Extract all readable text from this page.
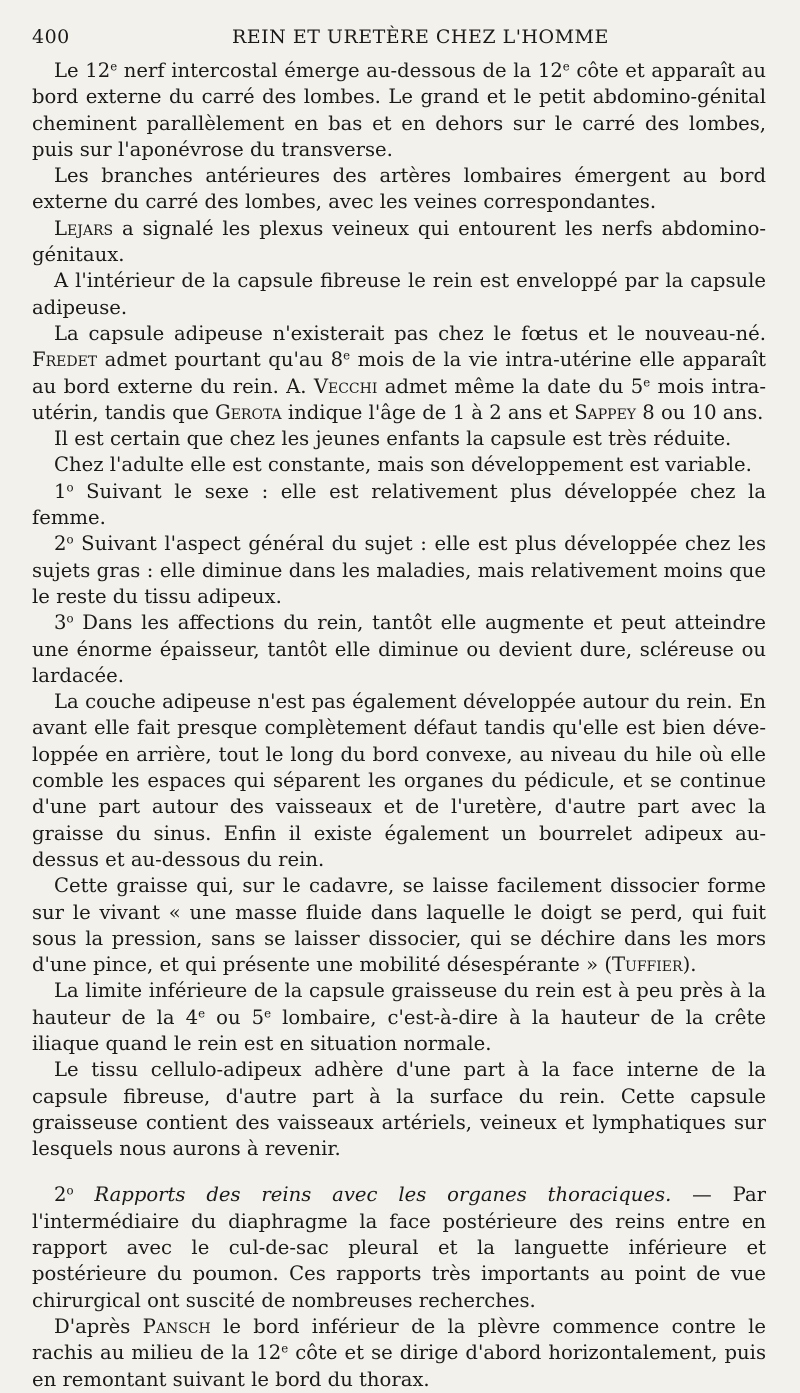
400	REIN ET URETÈRE CHEZ L'HOMME

Le 12e nerf intercostal émerge au-dessous de la 12e côte et apparaît au bord externe du carré des lombes. Le grand et le petit abdomino-génital cheminent parallèlement en bas et en dehors sur le carré des lombes, puis sur l'aponévrose du transverse.

Les branches antérieures des artères lombaires émergent au bord externe du carré des lombes, avec les veines correspondantes.

Lejars a signalé les plexus veineux qui entourent les nerfs abdomino-génitaux.

A l'intérieur de la capsule fibreuse le rein est enveloppé par la capsule adipeuse.

La capsule adipeuse n'existerait pas chez le fœtus et le nouveau-né. Fredet admet pourtant qu'au 8e mois de la vie intra-utérine elle apparaît au bord externe du rein. A. Vecchi admet même la date du 5e mois intra-utérin, tandis que Gerota indique l'âge de 1 à 2 ans et Sappey 8 ou 10 ans.

Il est certain que chez les jeunes enfants la capsule est très réduite.

Chez l'adulte elle est constante, mais son développement est variable.

1$^o$ Suivant le sexe : elle est relativement plus développée chez la femme.

2$^o$ Suivant l'aspect général du sujet : elle est plus développée chez les sujets gras : elle diminue dans les maladies, mais relativement moins que le reste du tissu adipeux.

3$^o$ Dans les affections du rein, tantôt elle augmente et peut atteindre une énorme épaisseur, tantôt elle diminue ou devient dure, scléreuse ou lardacée.

La couche adipeuse n'est pas également développée autour du rein. En avant elle fait presque complètement défaut tandis qu'elle est bien développée en arrière, tout le long du bord convexe, au niveau du hile où elle comble les espaces qui séparent les organes du pédicule, et se continue d'une part autour des vaisseaux et de l'uretère, d'autre part avec la graisse du sinus. Enfin il existe également un bourrelet adipeux au-dessus et au-dessous du rein.

Cette graisse qui, sur le cadavre, se laisse facilement dissocier forme sur le vivant « une masse fluide dans laquelle le doigt se perd, qui fuit sous la pression, sans se laisser dissocier, qui se déchire dans les mors d'une pince, et qui présente une mobilité désespérante » (Tuffier).

La limite inférieure de la capsule graisseuse du rein est à peu près à la hauteur de la 4e ou 5e lombaire, c'est-à-dire à la hauteur de la crête iliaque quand le rein est en situation normale.

Le tissu cellulo-adipeux adhère d'une part à la face interne de la capsule fibreuse, d'autre part à la surface du rein. Cette capsule graisseuse contient des vaisseaux artériels, veineux et lymphatiques sur lesquels nous aurons à revenir.

2$^o$ Rapports des reins avec les organes thoraciques. — Par l'intermédiaire du diaphragme la face postérieure des reins entre en rapport avec le cul-de-sac pleural et la languette inférieure et postérieure du poumon. Ces rapports très importants au point de vue chirurgical ont suscité de nombreuses recherches.

D'après Pansch le bord inférieur de la plèvre commence contre le rachis au milieu de la 12e côte et se dirige d'abord horizontalement, puis en remontant suivant le bord du thorax.
